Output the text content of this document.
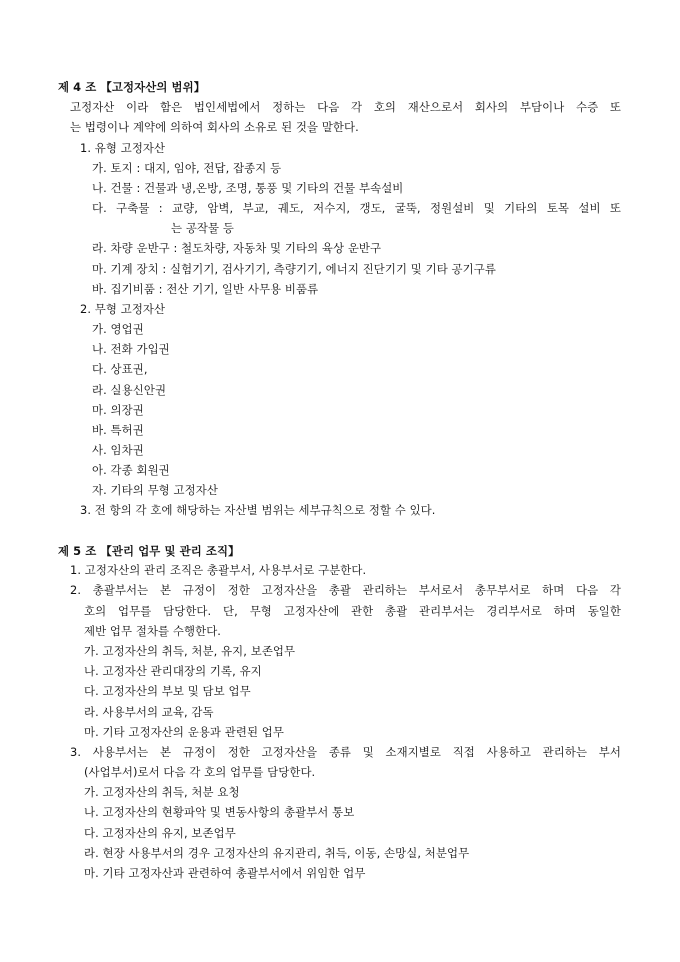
제 4 조 【고정자산의 범위】
고정자산 이라 함은 법인세법에서 정하는 다음 각 호의 재산으로서 회사의 부담이나 수증 또
는 법령이나 계약에 의하여 회사의 소유로 된 것을 말한다.
1. 유형 고정자산
가. 토지 : 대지, 임야, 전답, 잡종지 등
나. 건물 : 건물과 냉,온방, 조명, 통풍 및 기타의 건물 부속설비
다. 구축물 : 교량, 암벽, 부교, 궤도, 저수지, 갱도, 굴뚝, 정원설비 및 기타의 토목 설비 또
는 공작물 등
라. 차량 운반구 : 철도차량, 자동차 및 기타의 육상 운반구
마. 기계 장치 : 실험기기, 검사기기, 측량기기, 에너지 진단기기 및 기타 공기구류
바. 집기비품 : 전산 기기, 일반 사무용 비품류
2. 무형 고정자산
가. 영업권
나. 전화 가입권
다. 상표권,
라. 실용신안권
마. 의장권
바. 특허권
사. 임차권
아. 각종 회원권
자. 기타의 무형 고정자산
3. 전 항의 각 호에 해당하는 자산별 범위는 세부규칙으로 정할 수 있다.
제 5 조 【관리 업무 및 관리 조직】
1. 고정자산의 관리 조직은 총괄부서, 사용부서로 구분한다.
2. 총괄부서는 본 규정이 정한 고정자산을 총괄 관리하는 부서로서 총무부서로 하며 다음 각
호의 업무를 담당한다. 단, 무형 고정자산에 관한 총괄 관리부서는 경리부서로 하며 동일한
제반 업무 절차를 수행한다.
가. 고정자산의 취득, 처분, 유지, 보존업무
나. 고정자산 관리대장의 기록, 유지
다. 고정자산의 부보 및 담보 업무
라. 사용부서의 교육, 감독
마. 기타 고정자산의 운용과 관련된 업무
3. 사용부서는 본 규정이 정한 고정자산을 종류 및 소재지별로 직접 사용하고 관리하는 부서
(사업부서)로서 다음 각 호의 업무를 담당한다.
가. 고정자산의 취득, 처분 요청
나. 고정자산의 현황파악 및 변동사항의 총괄부서 통보
다. 고정자산의 유지, 보존업무
라. 현장 사용부서의 경우 고정자산의 유지관리, 취득, 이동, 손망실, 처분업무
마. 기타 고정자산과 관련하여 총괄부서에서 위임한 업무
